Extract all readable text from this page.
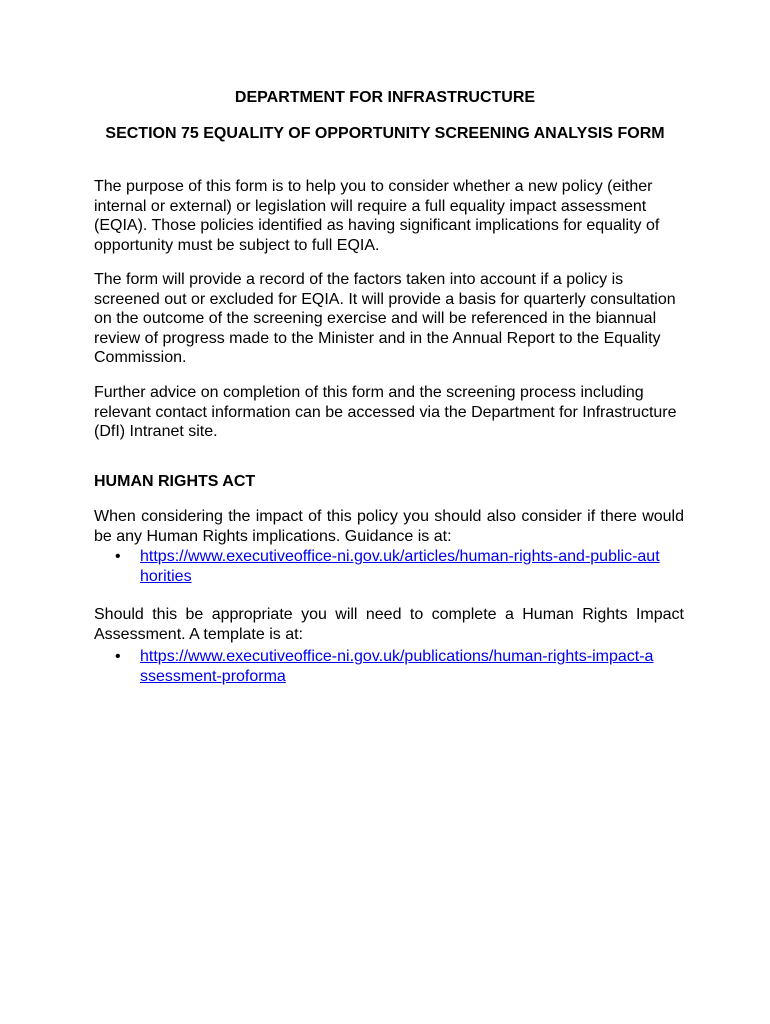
DEPARTMENT FOR INFRASTRUCTURE
SECTION 75 EQUALITY OF OPPORTUNITY SCREENING ANALYSIS FORM

The purpose of this form is to help you to consider whether a new policy (either internal or external) or legislation will require a full equality impact assessment (EQIA). Those policies identified as having significant implications for equality of opportunity must be subject to full EQIA.

The form will provide a record of the factors taken into account if a policy is screened out or excluded for EQIA. It will provide a basis for quarterly consultation on the outcome of the screening exercise and will be referenced in the biannual review of progress made to the Minister and in the Annual Report to the Equality Commission.

Further advice on completion of this form and the screening process including relevant contact information can be accessed via the Department for Infrastructure (DfI) Intranet site.

HUMAN RIGHTS ACT

When considering the impact of this policy you should also consider if there would be any Human Rights implications. Guidance is at:

•	https://www.executiveoffice-ni.gov.uk/articles/human-rights-and-public-authorities

Should this be appropriate you will need to complete a Human Rights Impact Assessment. A template is at:

•	https://www.executiveoffice-ni.gov.uk/publications/human-rights-impact-assessment-proforma
